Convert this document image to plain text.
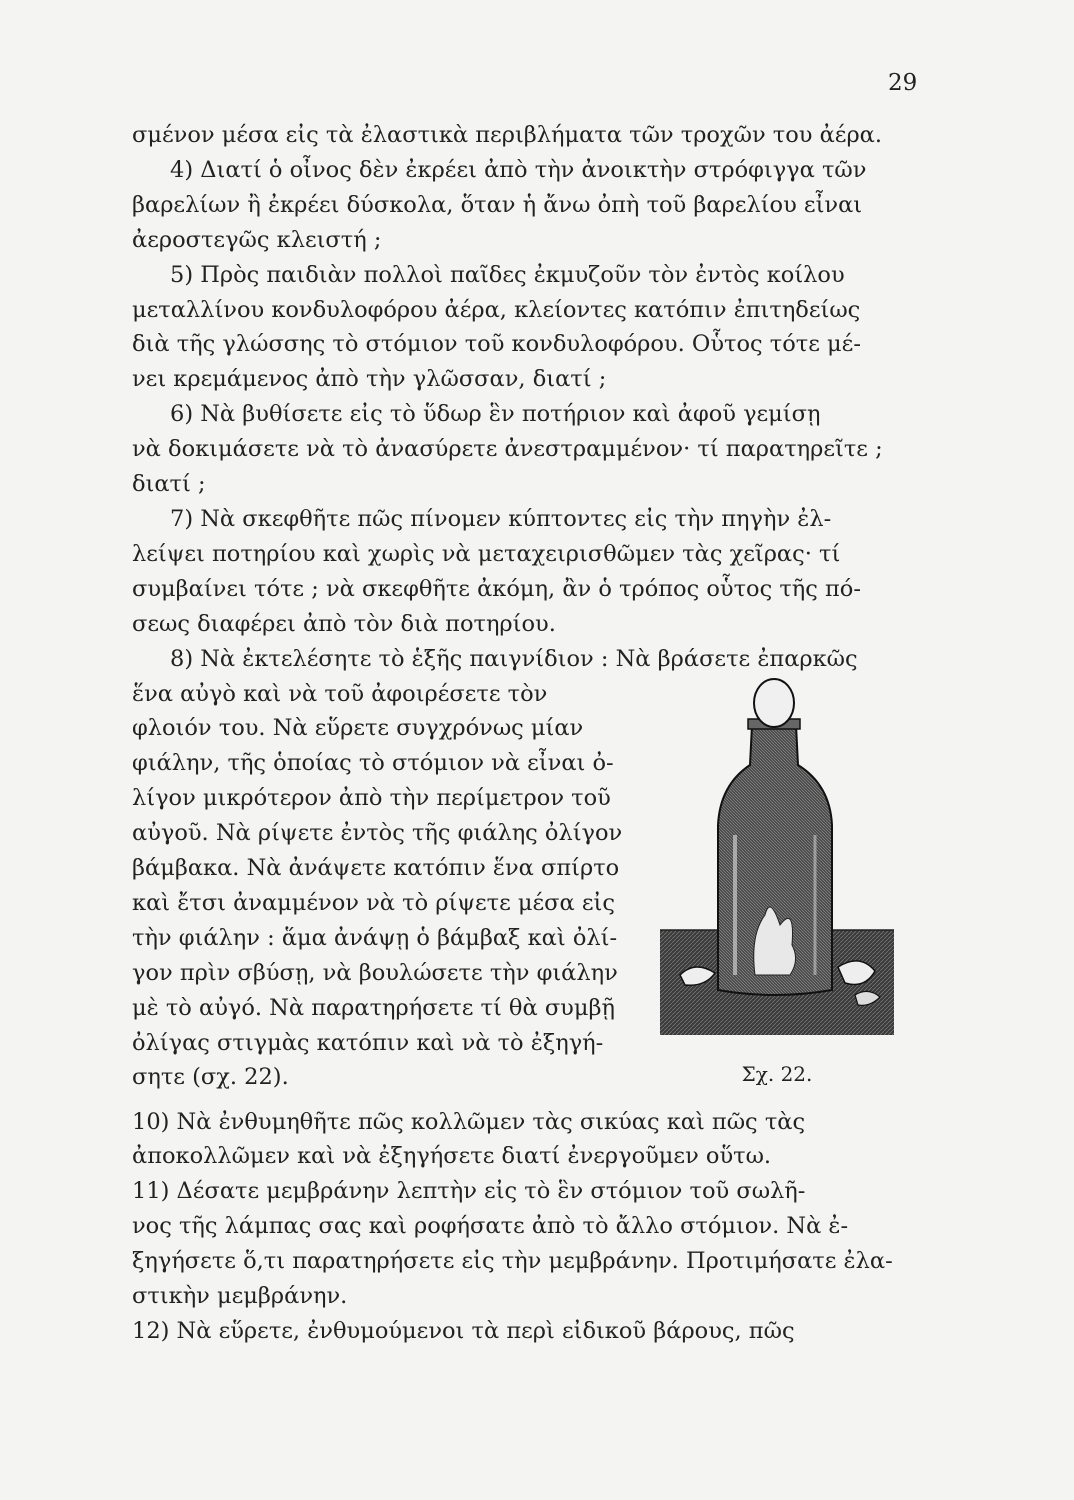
29
σμένον μέσα εἰς τὰ ἐλαστικὰ περιβλήματα τῶν τροχῶν του ἀέρα.
4) Διατί ὁ οἶνος δὲν ἐκρέει ἀπὸ τὴν ἀνοικτὴν στρόφιγγα τῶν
βαρελίων ἢ ἐκρέει δύσκολα, ὅταν ἡ ἄνω ὀπὴ τοῦ βαρελίου εἶναι
ἀεροστεγῶς κλειστή ;
5) Πρὸς παιδιὰν πολλοὶ παῖδες ἐκμυζοῦν τὸν ἐντὸς κοίλου
μεταλλίνου κονδυλοφόρου ἀέρα, κλείοντες κατόπιν ἐπιτηδείως
διὰ τῆς γλώσσης τὸ στόμιον τοῦ κονδυλοφόρου. Οὗτος τότε μέ-
νει κρεμάμενος ἀπὸ τὴν γλῶσσαν, διατί ;
6) Νὰ βυθίσετε εἰς τὸ ὕδωρ ἓν ποτήριον καὶ ἀφοῦ γεμίσῃ
νὰ δοκιμάσετε νὰ τὸ ἀνασύρετε ἀνεστραμμένον· τί παρατηρεῖτε ;
διατί ;
7) Νὰ σκεφθῆτε πῶς πίνομεν κύπτοντες εἰς τὴν πηγὴν ἐλ-
λείψει ποτηρίου καὶ χωρὶς νὰ μεταχειρισθῶμεν τὰς χεῖρας· τί
συμβαίνει τότε ; νὰ σκεφθῆτε ἀκόμη, ἂν ὁ τρόπος οὗτος τῆς πό-
σεως διαφέρει ἀπὸ τὸν διὰ ποτηρίου.
8) Νὰ ἐκτελέσητε τὸ ἑξῆς παιγνίδιον : Νὰ βράσετε ἐπαρκῶς
ἕνα αὐγὸ καὶ νὰ τοῦ ἀφοιρέσετε τὸν
φλοιόν του. Νὰ εὕρετε συγχρόνως μίαν
φιάλην, τῆς ὁποίας τὸ στόμιον νὰ εἶναι ὀ-
λίγον μικρότερον ἀπὸ τὴν περίμετρον τοῦ
αὐγοῦ. Νὰ ρίψετε ἐντὸς τῆς φιάλης ὀλίγον
βάμβακα. Νὰ ἀνάψετε κατόπιν ἕνα σπίρτο
καὶ ἔτσι ἀναμμένον νὰ τὸ ρίψετε μέσα εἰς
τὴν φιάλην : ἅμα ἀνάψῃ ὁ βάμβαξ καὶ ὀλί-
γον πρὶν σβύσῃ, νὰ βουλώσετε τὴν φιάλην
μὲ τὸ αὐγό. Νὰ παρατηρήσετε τί θὰ συμβῇ
ὀλίγας στιγμὰς κατόπιν καὶ νὰ τὸ ἐξηγή-
σητε (σχ. 22).	Σχ. 22.
10) Νὰ ἐνθυμηθῆτε πῶς κολλῶμεν τὰς σικύας καὶ πῶς τὰς
ἀποκολλῶμεν καὶ νὰ ἐξηγήσετε διατί ἐνεργοῦμεν οὕτω.
11) Δέσατε μεμβράνην λεπτὴν εἰς τὸ ἓν στόμιον τοῦ σωλῆ-
νος τῆς λάμπας σας καὶ ροφήσατε ἀπὸ τὸ ἄλλο στόμιον. Νὰ ἐ-
ξηγήσετε ὅ,τι παρατηρήσετε εἰς τὴν μεμβράνην. Προτιμήσατε ἐλα-
στικὴν μεμβράνην.
12) Νὰ εὕρετε, ἐνθυμούμενοι τὰ περὶ εἰδικοῦ βάρους, πῶς
